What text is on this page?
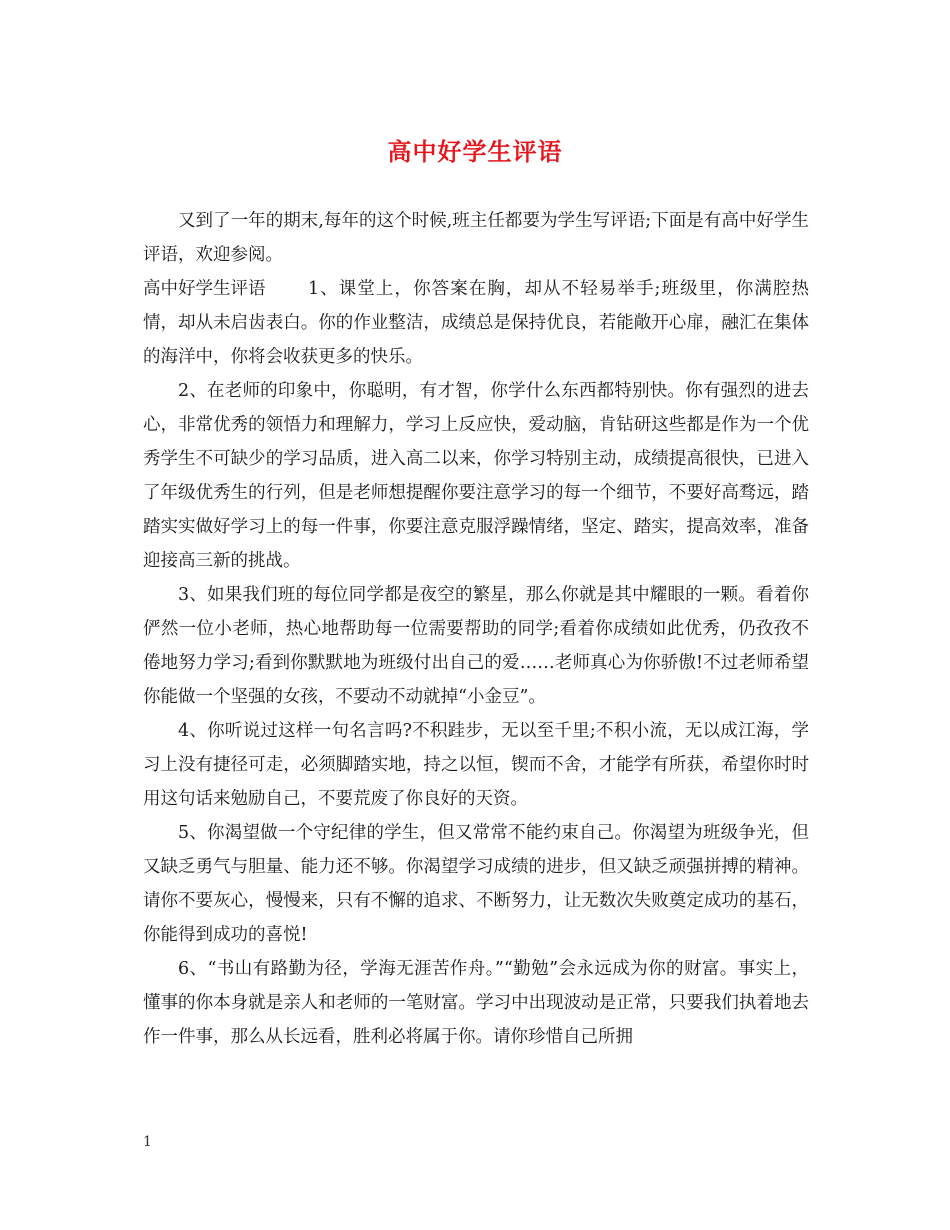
高中好学生评语

又到了一年的期末,每年的这个时候,班主任都要为学生写评语;下面是有高中好学生评语，欢迎参阅。

高中好学生评语 1、课堂上，你答案在胸，却从不轻易举手;班级里，你满腔热情，却从未启齿表白。你的作业整洁，成绩总是保持优良，若能敞开心扉，融汇在集体的海洋中，你将会收获更多的快乐。

2、在老师的印象中，你聪明，有才智，你学什么东西都特别快。你有强烈的进去心，非常优秀的领悟力和理解力，学习上反应快，爱动脑，肯钻研这些都是作为一个优秀学生不可缺少的学习品质，进入高二以来，你学习特别主动，成绩提高很快，已进入了年级优秀生的行列，但是老师想提醒你要注意学习的每一个细节，不要好高骛远，踏踏实实做好学习上的每一件事，你要注意克服浮躁情绪，坚定、踏实，提高效率，准备迎接高三新的挑战。

3、如果我们班的每位同学都是夜空的繁星，那么你就是其中耀眼的一颗。看着你俨然一位小老师，热心地帮助每一位需要帮助的同学;看着你成绩如此优秀，仍孜孜不倦地努力学习;看到你默默地为班级付出自己的爱……老师真心为你骄傲!不过老师希望你能做一个坚强的女孩，不要动不动就掉“小金豆”。

4、你听说过这样一句名言吗?不积跬步，无以至千里;不积小流，无以成江海，学习上没有捷径可走，必须脚踏实地，持之以恒，锲而不舍，才能学有所获，希望你时时用这句话来勉励自己，不要荒废了你良好的天资。

5、你渴望做一个守纪律的学生，但又常常不能约束自己。你渴望为班级争光，但又缺乏勇气与胆量、能力还不够。你渴望学习成绩的进步，但又缺乏顽强拼搏的精神。请你不要灰心，慢慢来，只有不懈的追求、不断努力，让无数次失败奠定成功的基石，你能得到成功的喜悦!

6、“书山有路勤为径，学海无涯苦作舟。”“勤勉”会永远成为你的财富。事实上，懂事的你本身就是亲人和老师的一笔财富。学习中出现波动是正常，只要我们执着地去作一件事，那么从长远看，胜利必将属于你。请你珍惜自己所拥

1
